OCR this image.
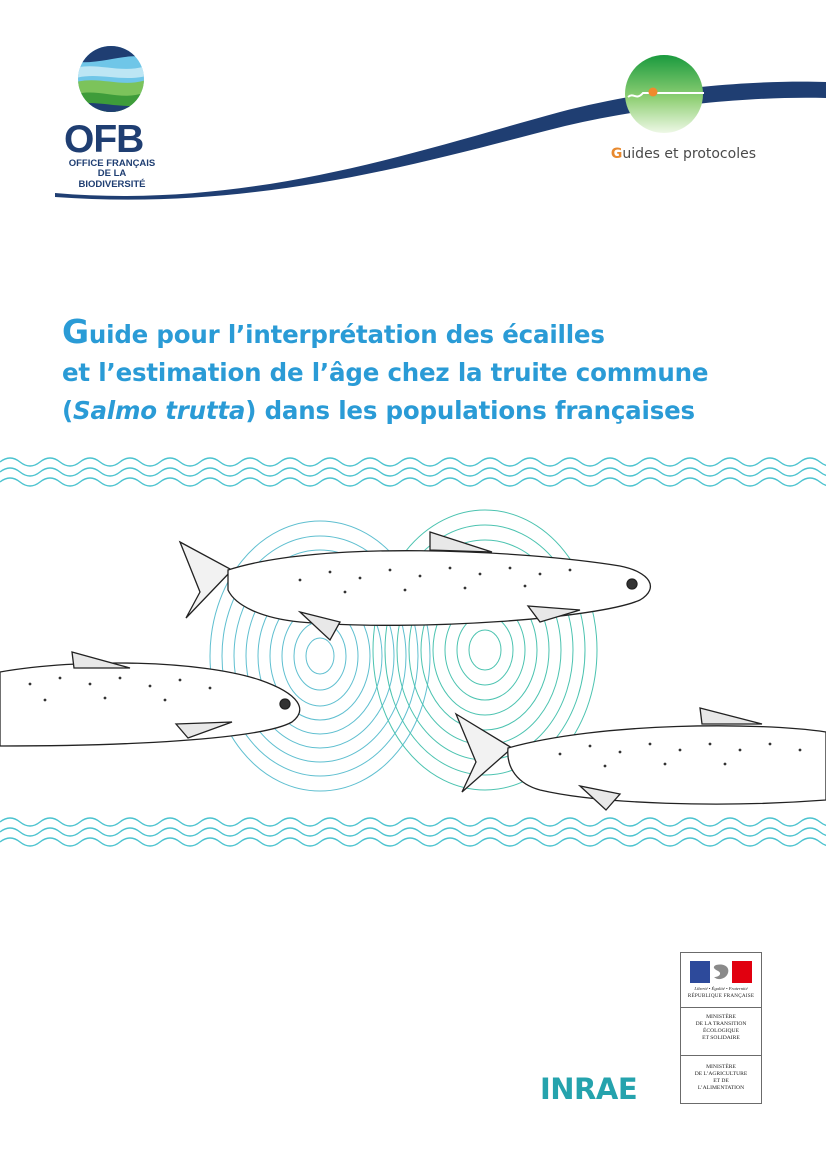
OFB
OFFICE FRANÇAIS
DE LA BIODIVERSITÉ
Guides et protocoles
Guide pour l’interprétation des écailles
et l’estimation de l’âge chez la truite commune
(Salmo trutta) dans les populations françaises
Liberté • Égalité • Fraternité
RÉPUBLIQUE FRANÇAISE
MINISTÈRE
DE LA TRANSITION
ÉCOLOGIQUE
ET SOLIDAIRE
MINISTÈRE
DE L’AGRICULTURE
ET DE
L’ALIMENTATION
INRAE
